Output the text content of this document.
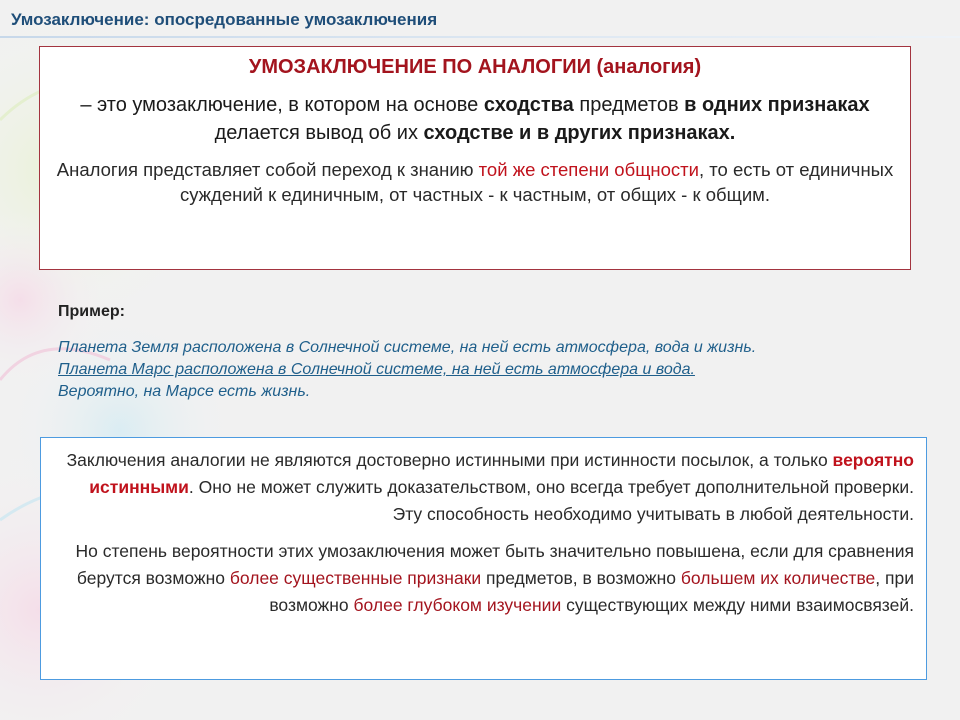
Умозаключение: опосредованные умозаключения
УМОЗАКЛЮЧЕНИЕ ПО АНАЛОГИИ (аналогия)
– это умозаключение, в котором на основе сходства предметов в одних признаках делается вывод об их сходстве и в других признаках.
Аналогия представляет собой переход к знанию той же степени общности, то есть от единичных суждений к единичным, от частных - к частным, от общих - к общим.
Пример:
Планета Земля расположена в Солнечной системе, на ней есть атмосфера, вода и жизнь.
Планета Марс расположена в Солнечной системе, на ней есть атмосфера и вода.
Вероятно, на Марсе есть жизнь.
Заключения аналогии не являются достоверно истинными при истинности посылок, а только вероятно истинными. Оно не может служить доказательством, оно всегда требует дополнительной проверки. Эту способность необходимо учитывать в любой деятельности.
Но степень вероятности этих умозаключения может быть значительно повышена, если для сравнения берутся возможно более существенные признаки предметов, в возможно большем их количестве, при возможно более глубоком изучении существующих между ними взаимосвязей.
